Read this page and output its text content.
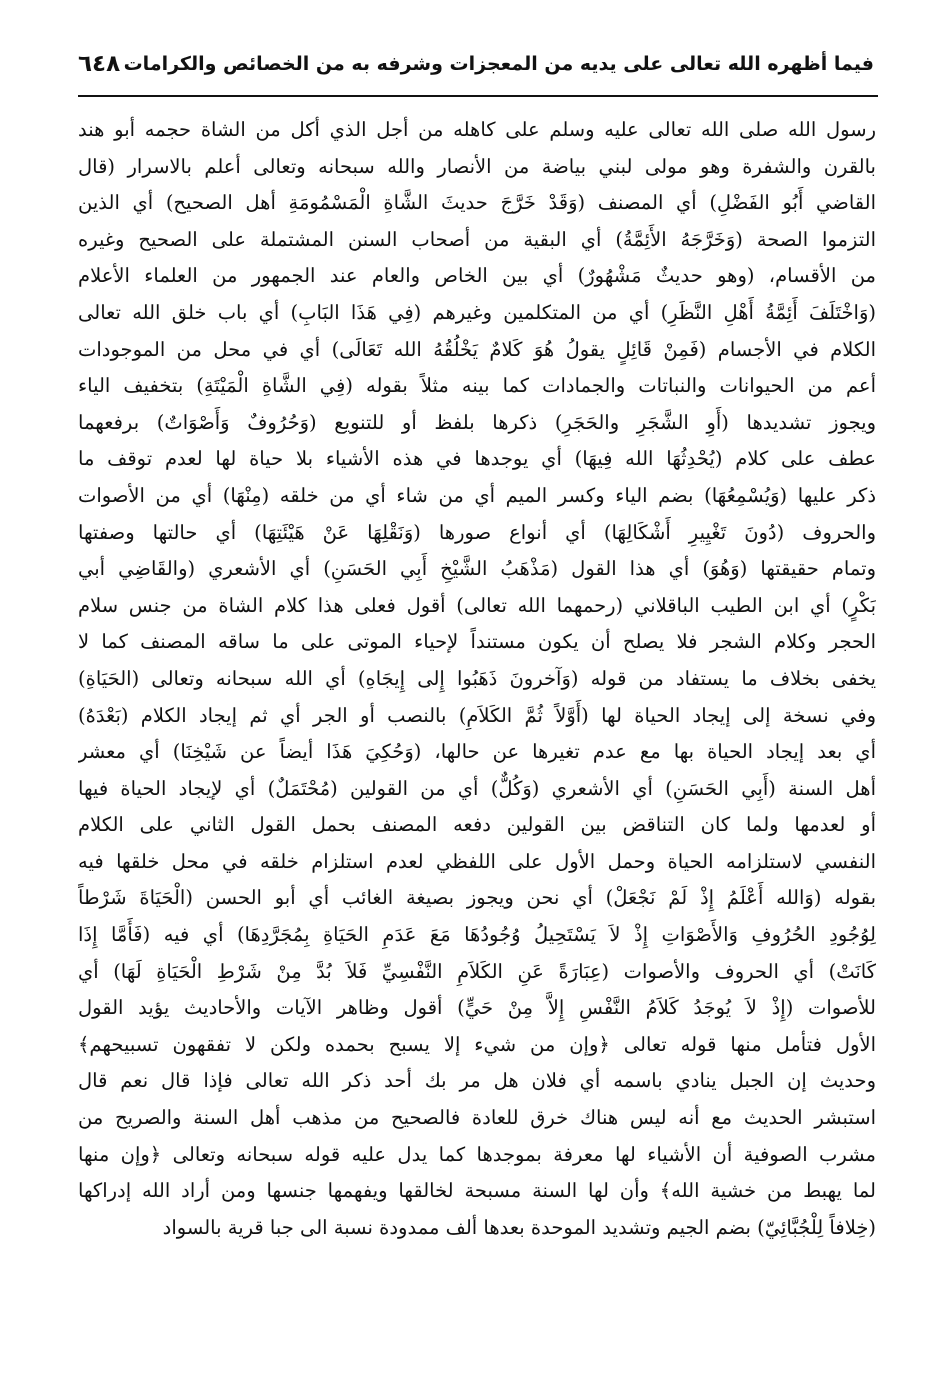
فيما أظهره الله تعالى على يديه من المعجزات وشرفه به من الخصائص والكرامات
٦٤٨
رسول الله صلى الله تعالى عليه وسلم على كاهله من أجل الذي أكل من الشاة حجمه أبو هند
بالقرن والشفرة وهو مولى لبني بياضة من الأنصار والله سبحانه وتعالى أعلم بالاسرار (قال
القاضي أَبُو الفَضْلِ) أي المصنف (وَقَدْ خَرَّجَ حديثَ الشَّاةِ الْمَسْمُومَةِ أهل الصحيح) أي الذين
التزموا الصحة (وَخَرَّجَهُ الأَئِمَّةُ) أي البقية من أصحاب السنن المشتملة على الصحيح وغيره
من الأقسام، (وهو حديثٌ مَشْهُورٌ) أي بين الخاص والعام عند الجمهور من العلماء الأعلام
(وَاخْتَلَفَ أَئِمَّةُ أَهْلِ النَّظَرِ) أي من المتكلمين وغيرهم (فِي هَذَا البَابِ) أي باب خلق الله تعالى
الكلام في الأجسام (فَمِنْ قَائِلٍ يقولُ هُوَ كَلامٌ يَخْلُقُهُ الله تَعَالَى) أي في محل من الموجودات
أعم من الحيوانات والنباتات والجمادات كما بينه مثلاً بقوله (فِي الشَّاةِ الْمَيْتَةِ) بتخفيف الياء
ويجوز تشديدها (أَوِ الشَّجَرِ والحَجَرِ) ذكرها بلفظ أو للتنويع (وَحُرُوفٌ وَأَصْوَاتٌ) برفعهما
عطف على كلام (يُحْدِثُهَا الله فِيهَا) أي يوجدها في هذه الأشياء بلا حياة لها لعدم توقف ما
ذكر عليها (وَيُسْمِعُهَا) بضم الياء وكسر الميم أي من شاء أي من خلقه (مِنْهَا) أي من الأصوات
والحروف (دُونَ تَغْيِيرِ أَشْكَالِهَا) أي أنواع صورها (وَنَقْلِهَا عَنْ هَيْئَتِهَا) أي حالتها وصفتها
وتمام حقيقتها (وَهُوَ) أي هذا القول (مَذْهَبُ الشَّيْخِ أَبِي الحَسَنِ) أي الأشعري (والقَاضِي أبي
بَكْرٍ) أي ابن الطيب الباقلاني (رحمهما الله تعالى) أقول فعلى هذا كلام الشاة من جنس سلام
الحجر وكلام الشجر فلا يصلح أن يكون مستنداً لإحياء الموتى على ما ساقه المصنف كما لا
يخفى بخلاف ما يستفاد من قوله (وَآخرونَ ذَهَبُوا إِلى إِيجَاهِ) أي الله سبحانه وتعالى (الحَيَاةِ)
وفي نسخة إلى إيجاد الحياة لها (أَوَّلاً ثُمَّ الكَلاَمِ) بالنصب أو الجر أي ثم إيجاد الكلام (بَعْدَهُ)
أي بعد إيجاد الحياة بها مع عدم تغيرها عن حالها، (وَحُكِيَ هَذَا أيضاً عن شَيْخِنَا) أي معشر
أهل السنة (أَبِي الحَسَنِ) أي الأشعري (وَكُلٌّ) أي من القولين (مُحْتَمَلٌ) أي لإيجاد الحياة فيها
أو لعدمها ولما كان التناقض بين القولين دفعه المصنف بحمل القول الثاني على الكلام
النفسي لاستلزامه الحياة وحمل الأول على اللفظي لعدم استلزام خلقه في محل خلقها فيه
بقوله (وَالله أَعْلَمُ إِذْ لَمْ نَجْعَلْ) أي نحن ويجوز بصيغة الغائب أي أبو الحسن (الْحَيَاةَ شَرْطاً
لِوُجُودِ الحُرُوفِ وَالأَصْوَاتِ إِذْ لاَ يَسْتَحِيلُ وُجُودُهَا مَعَ عَدَمِ الحَيَاةِ بِمُجَرَّدِهَا) أي فيه (فَأَمَّا إِذَا
كَانَتْ) أي الحروف والأصوات (عِبَارَةً عَنِ الكَلاَمِ النَّفْسِيِّ فَلاَ بُدَّ مِنْ شَرْطِ الْحَيَاةِ لَهَا) أي
للأصوات (إِذْ لاَ يُوجَدُ كَلاَمُ النَّفْسِ إِلاَّ مِنْ حَيٍّ) أقول وظاهر الآيات والأحاديث يؤيد القول
الأول فتأمل منها قوله تعالى ﴿وإن من شيء إلا يسبح بحمده ولكن لا تفقهون تسبيحهم﴾
وحديث إن الجبل ينادي باسمه أي فلان هل مر بك أحد ذكر الله تعالى فإذا قال نعم قال
استبشر الحديث مع أنه ليس هناك خرق للعادة فالصحيح من مذهب أهل السنة والصريح من
مشرب الصوفية أن الأشياء لها معرفة بموجدها كما يدل عليه قوله سبحانه وتعالى ﴿وإن منها
لما يهبط من خشية الله﴾ وأن لها السنة مسبحة لخالقها ويفهمها جنسها ومن أراد الله إدراكها
(خِلافاً لِلْجُبَّائِيّ) بضم الجيم وتشديد الموحدة بعدها ألف ممدودة نسبة الى جبا قرية بالسواد
